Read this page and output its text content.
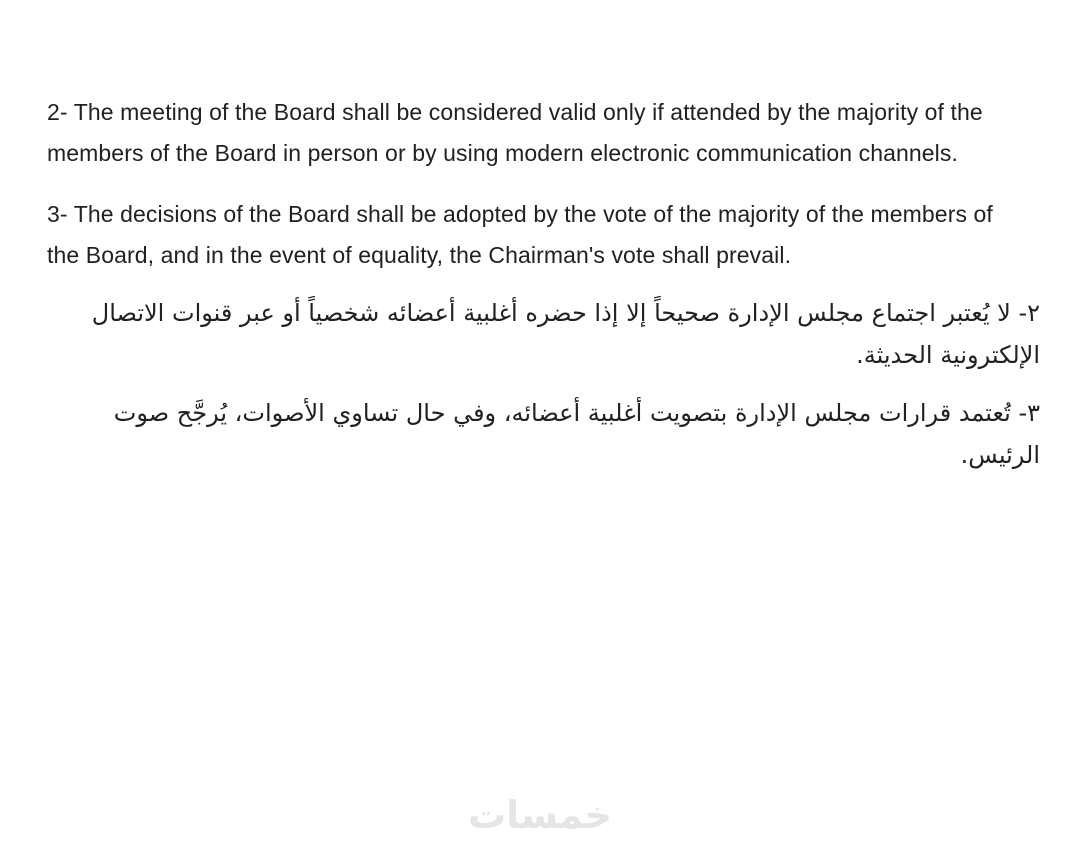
2- The meeting of the Board shall be considered valid only if attended by the majority of the members of the Board in person or by using modern electronic communication channels.

3- The decisions of the Board shall be adopted by the vote of the majority of the members of the Board, and in the event of equality, the Chairman's vote shall prevail.

٢- لا يُعتبر اجتماع مجلس الإدارة صحيحاً إلا إذا حضره أغلبية أعضائه شخصياً أو عبر قنوات الاتصال الإلكترونية الحديثة.

٣- تُعتمد قرارات مجلس الإدارة بتصويت أغلبية أعضائه، وفي حال تساوي الأصوات، يُرجَّح صوت الرئيس.

خمسات
